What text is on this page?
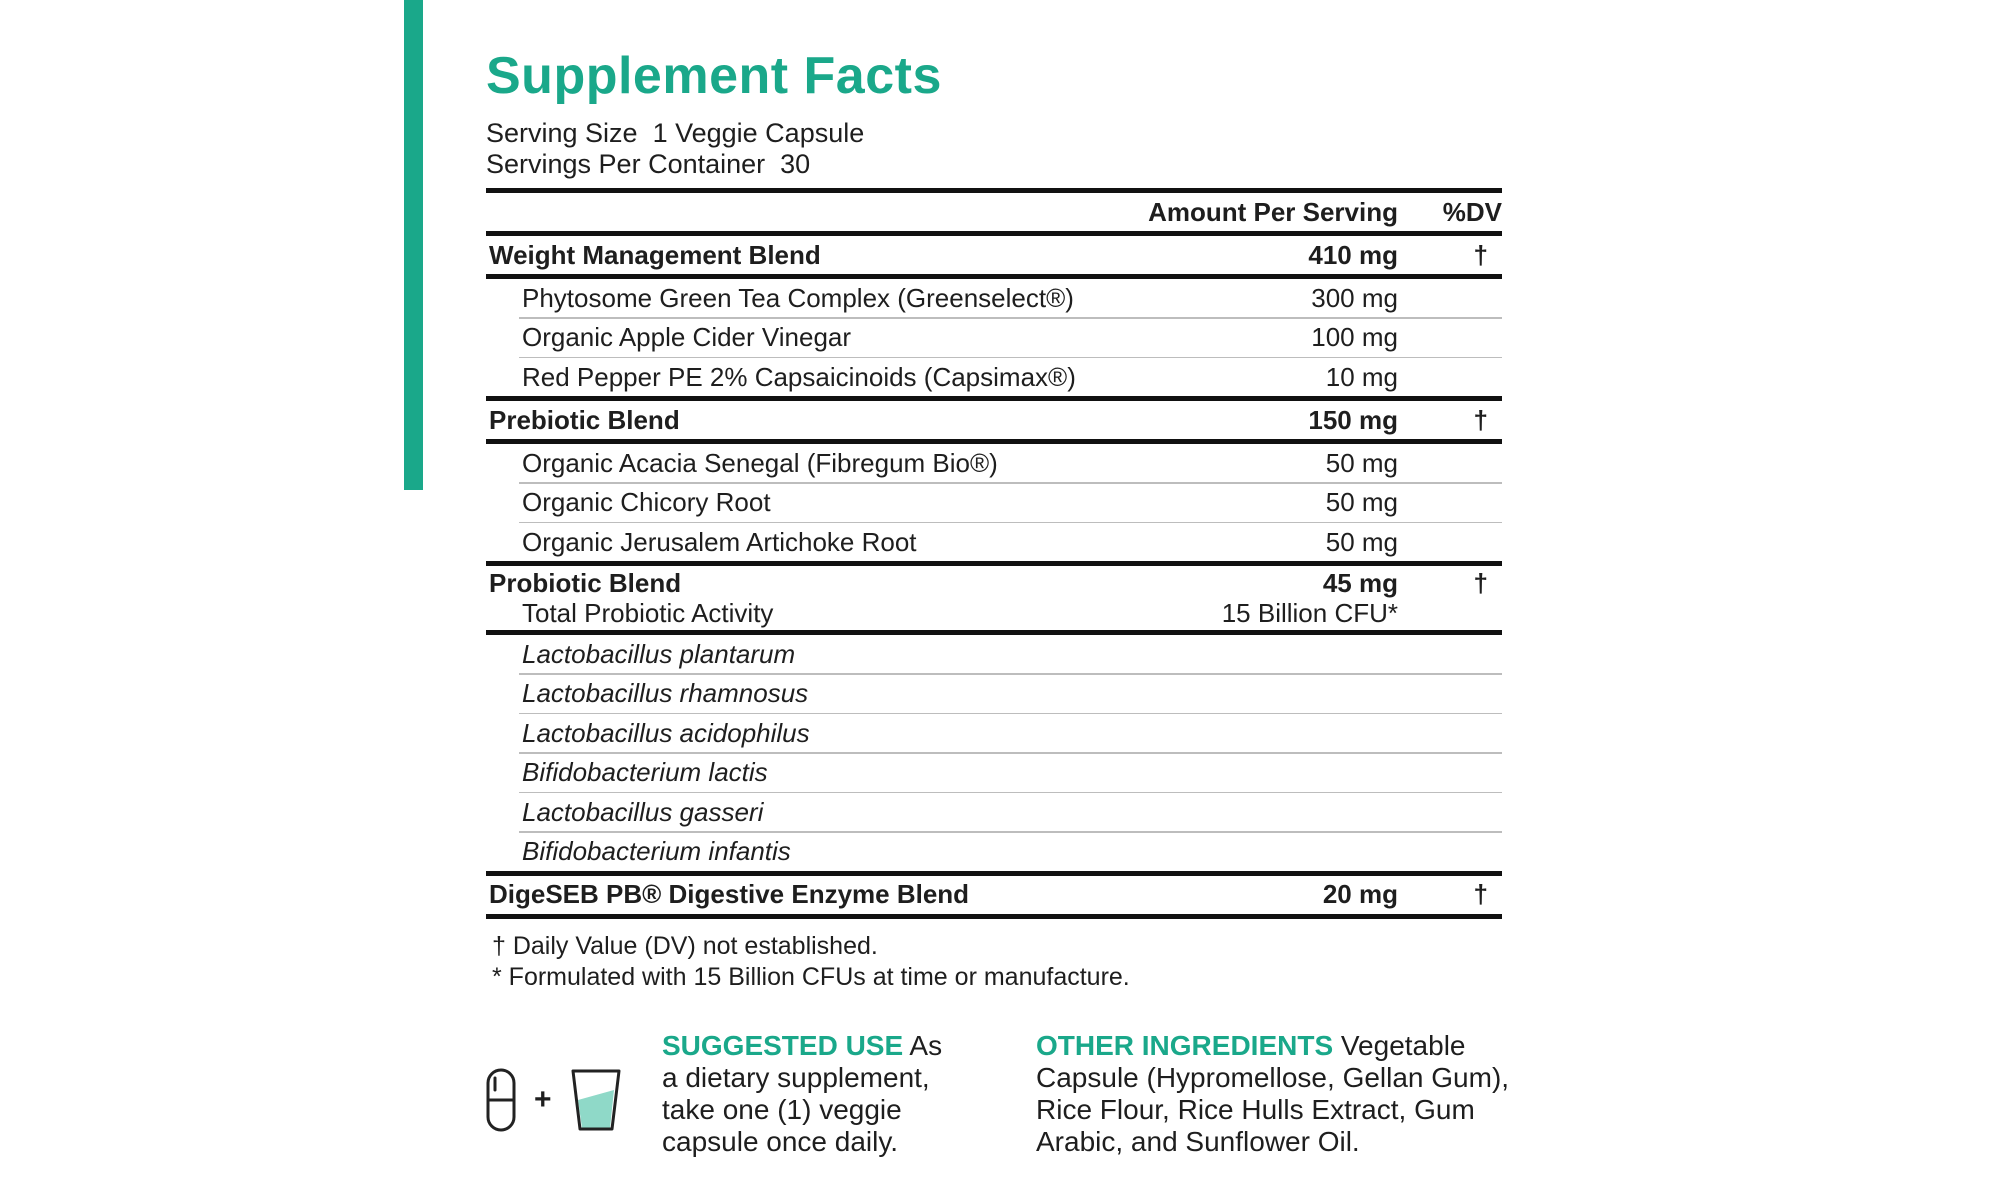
Supplement Facts
Serving Size  1 Veggie Capsule
Servings Per Container  30
Amount Per Serving	%DV
Weight Management Blend	410 mg	†
Phytosome Green Tea Complex (Greenselect®)	300 mg
Organic Apple Cider Vinegar	100 mg
Red Pepper PE 2% Capsaicinoids (Capsimax®)	10 mg
Prebiotic Blend	150 mg	†
Organic Acacia Senegal (Fibregum Bio®)	50 mg
Organic Chicory Root	50 mg
Organic Jerusalem Artichoke Root	50 mg
Probiotic Blend	45 mg	†
Total Probiotic Activity	15 Billion CFU*
Lactobacillus plantarum
Lactobacillus rhamnosus
Lactobacillus acidophilus
Bifidobacterium lactis
Lactobacillus gasseri
Bifidobacterium infantis
DigeSEB PB® Digestive Enzyme Blend	20 mg	†
† Daily Value (DV) not established.
* Formulated with 15 Billion CFUs at time or manufacture.
+
SUGGESTED USE As a dietary supplement, take one (1) veggie capsule once daily.
OTHER INGREDIENTS Vegetable Capsule (Hypromellose, Gellan Gum), Rice Flour, Rice Hulls Extract, Gum Arabic, and Sunflower Oil.
